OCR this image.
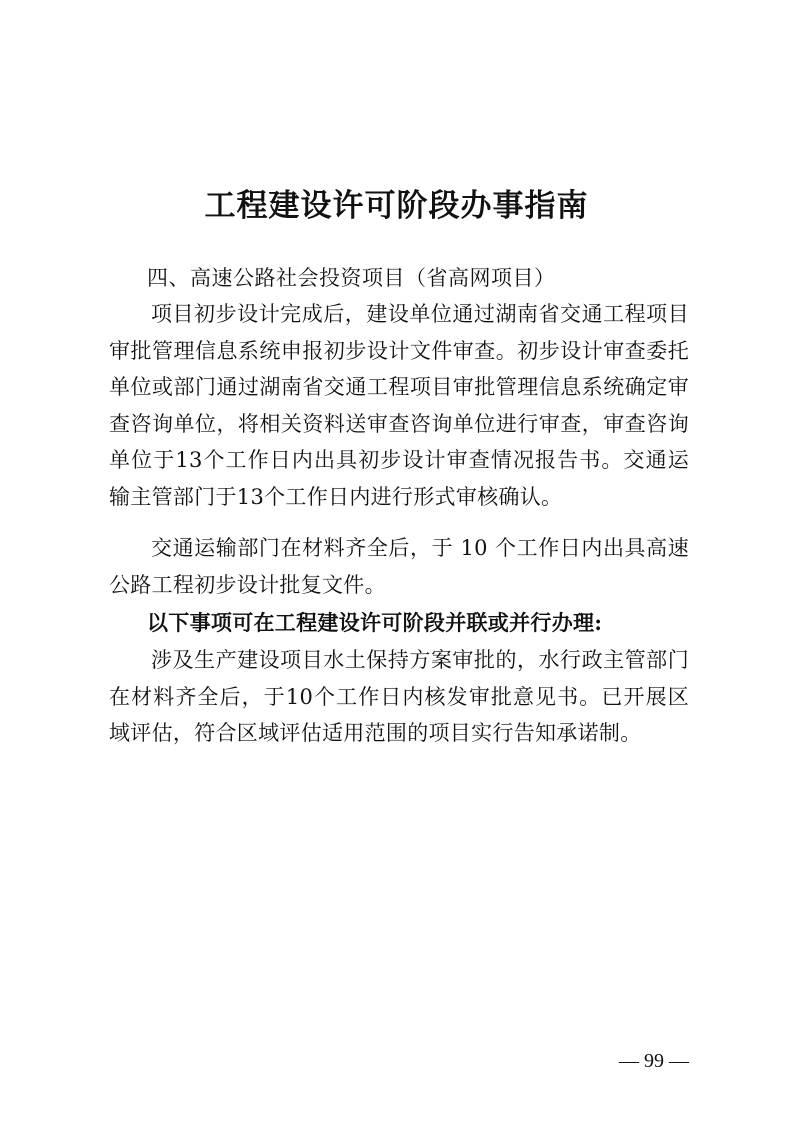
工程建设许可阶段办事指南
四、高速公路社会投资项目（省高网项目）

项目初步设计完成后，建设单位通过湖南省交通工程项目审批管理信息系统申报初步设计文件审查。初步设计审查委托单位或部门通过湖南省交通工程项目审批管理信息系统确定审查咨询单位，将相关资料送审查咨询单位进行审查，审查咨询单位于13个工作日内出具初步设计审查情况报告书。交通运输主管部门于13个工作日内进行形式审核确认。

交通运输部门在材料齐全后，于 10 个工作日内出具高速公路工程初步设计批复文件。

以下事项可在工程建设许可阶段并联或并行办理:

涉及生产建设项目水土保持方案审批的，水行政主管部门在材料齐全后，于10个工作日内核发审批意见书。已开展区域评估，符合区域评估适用范围的项目实行告知承诺制。

— 99 —
